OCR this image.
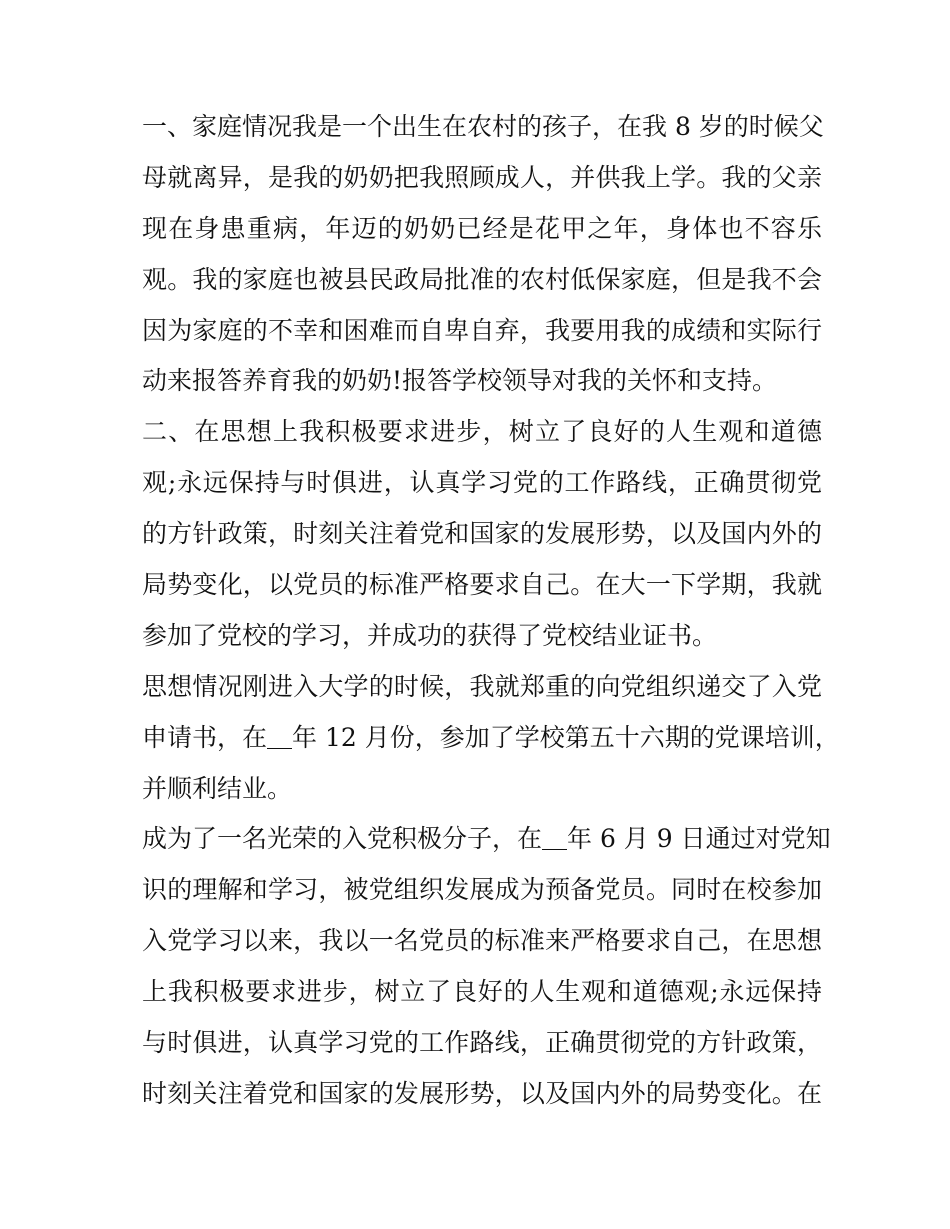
一、家庭情况我是一个出生在农村的孩子，在我 8 岁的时候父
母就离异，是我的奶奶把我照顾成人，并供我上学。我的父亲
现在身患重病，年迈的奶奶已经是花甲之年，身体也不容乐
观。我的家庭也被县民政局批准的农村低保家庭，但是我不会
因为家庭的不幸和困难而自卑自弃，我要用我的成绩和实际行
动来报答养育我的奶奶!报答学校领导对我的关怀和支持。
二、在思想上我积极要求进步，树立了良好的人生观和道德
观;永远保持与时俱进，认真学习党的工作路线，正确贯彻党
的方针政策，时刻关注着党和国家的发展形势，以及国内外的
局势变化，以党员的标准严格要求自己。在大一下学期，我就
参加了党校的学习，并成功的获得了党校结业证书。
思想情况刚进入大学的时候，我就郑重的向党组织递交了入党
申请书，在＿年 12 月份，参加了学校第五十六期的党课培训，
并顺利结业。
成为了一名光荣的入党积极分子，在＿年 6 月 9 日通过对党知
识的理解和学习，被党组织发展成为预备党员。同时在校参加
入党学习以来，我以一名党员的标准来严格要求自己，在思想
上我积极要求进步，树立了良好的人生观和道德观;永远保持
与时俱进，认真学习党的工作路线，正确贯彻党的方针政策，
时刻关注着党和国家的发展形势，以及国内外的局势变化。在
